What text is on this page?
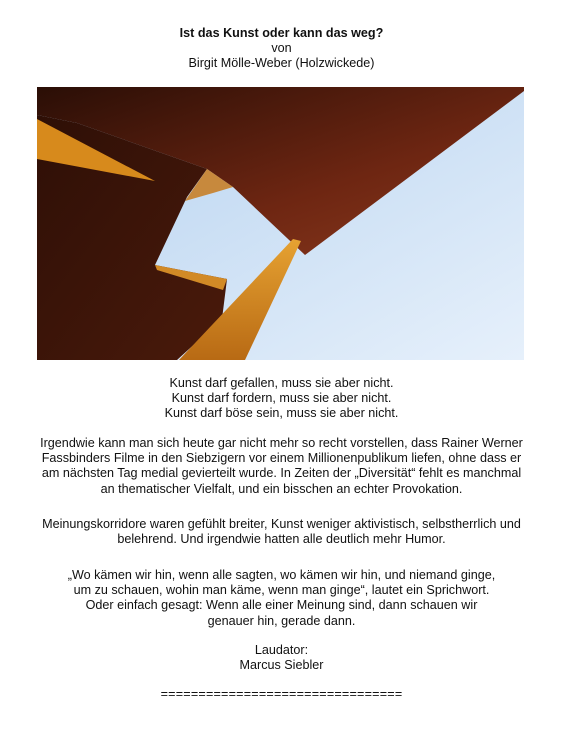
Ist das Kunst oder kann das weg?

von

Birgit Mölle-Weber (Holzwickede)

Kunst darf gefallen, muss sie aber nicht.

Kunst darf fordern, muss sie aber nicht.

Kunst darf böse sein, muss sie aber nicht.

Irgendwie kann man sich heute gar nicht mehr so recht vorstellen, dass Rainer Werner

Fassbinders Filme in den Siebzigern vor einem Millionenpublikum liefen, ohne dass er

am nächsten Tag medial gevierteilt wurde. In Zeiten der „Diversität“ fehlt es manchmal

an thematischer Vielfalt, und ein bisschen an echter Provokation.

Meinungskorridore waren gefühlt breiter, Kunst weniger aktivistisch, selbstherrlich und

belehrend. Und irgendwie hatten alle deutlich mehr Humor.

„Wo kämen wir hin, wenn alle sagten, wo kämen wir hin, und niemand ginge,

um zu schauen, wohin man käme, wenn man ginge“, lautet ein Sprichwort.

Oder einfach gesagt: Wenn alle einer Meinung sind, dann schauen wir

genauer hin, gerade dann.

Laudator:

Marcus Siebler

================================
